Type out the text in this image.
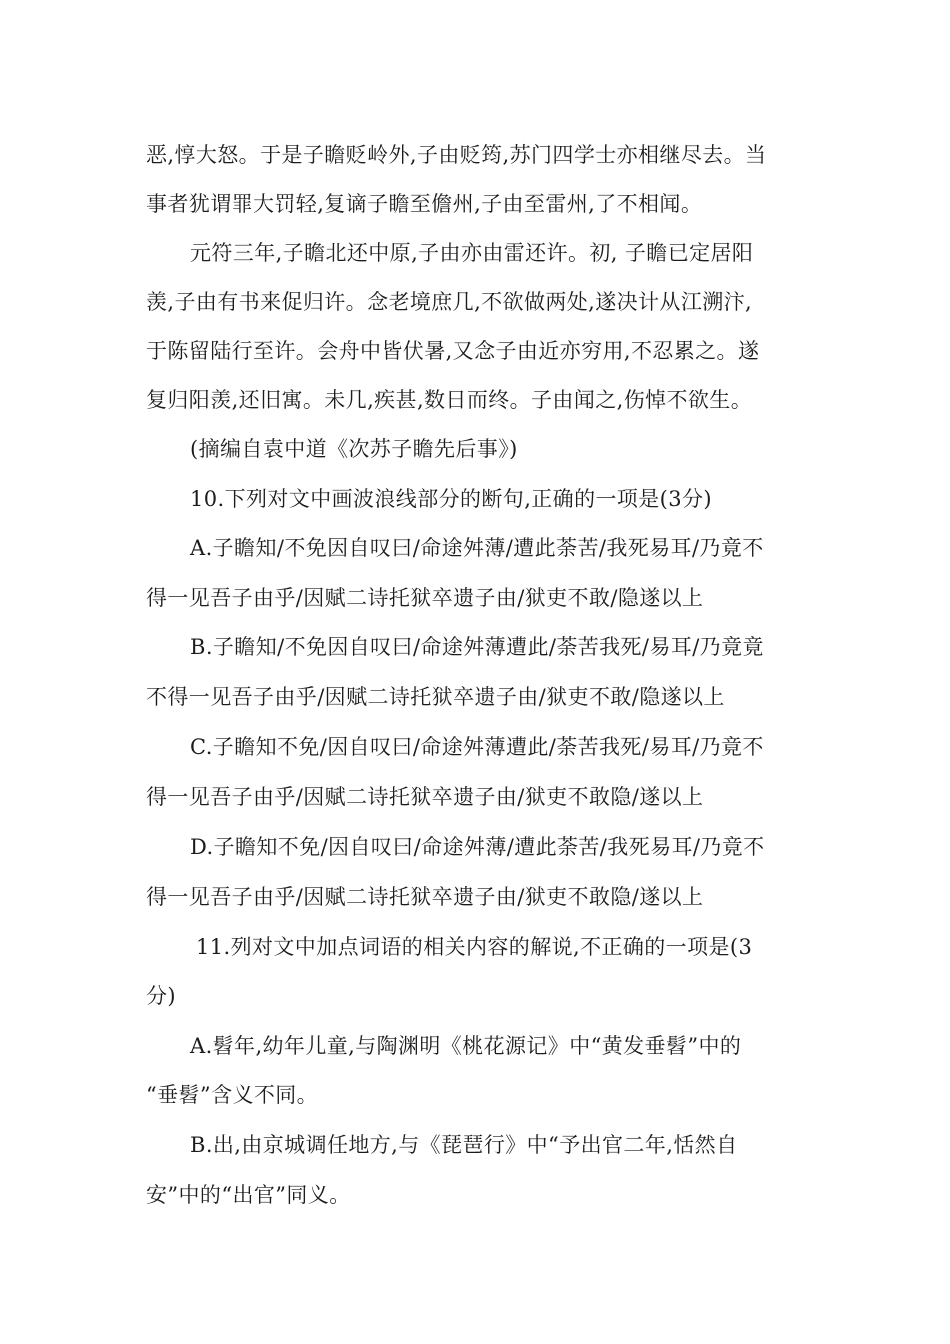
恶,惇大怒。于是子瞻贬岭外,子由贬筠,苏门四学士亦相继尽去。当

事者犹谓罪大罚轻,复谪子瞻至儋州,子由至雷州,了不相闻。

元符三年,子瞻北还中原,子由亦由雷还许。初, 子瞻已定居阳

羡,子由有书来促归许。念老境庶几,不欲做两处,遂决计从江溯汴,

于陈留陆行至许。会舟中皆伏暑,又念子由近亦穷用,不忍累之。遂

复归阳羡,还旧寓。未几,疾甚,数日而终。子由闻之,伤悼不欲生。

(摘编自袁中道《次苏子瞻先后事》)

10.下列对文中画波浪线部分的断句,正确的一项是(3分)

A.子瞻知/不免因自叹曰/命途舛薄/遭此荼苦/我死易耳/乃竟不

得一见吾子由乎/因赋二诗托狱卒遗子由/狱吏不敢/隐遂以上

B.子瞻知/不免因自叹曰/命途舛薄遭此/荼苦我死/易耳/乃竟竟

不得一见吾子由乎/因赋二诗托狱卒遗子由/狱吏不敢/隐遂以上

C.子瞻知不免/因自叹曰/命途舛薄遭此/荼苦我死/易耳/乃竟不

得一见吾子由乎/因赋二诗托狱卒遗子由/狱吏不敢隐/遂以上

D.子瞻知不免/因自叹曰/命途舛薄/遭此荼苦/我死易耳/乃竟不

得一见吾子由乎/因赋二诗托狱卒遗子由/狱吏不敢隐/遂以上

11.列对文中加点词语的相关内容的解说,不正确的一项是(3

分)

A.髫年,幼年儿童,与陶渊明《桃花源记》中“黄发垂髫”中的

“垂髫”含义不同。

B.出,由京城调任地方,与《琵琶行》中“予出官二年,恬然自

安”中的“出官”同义。
